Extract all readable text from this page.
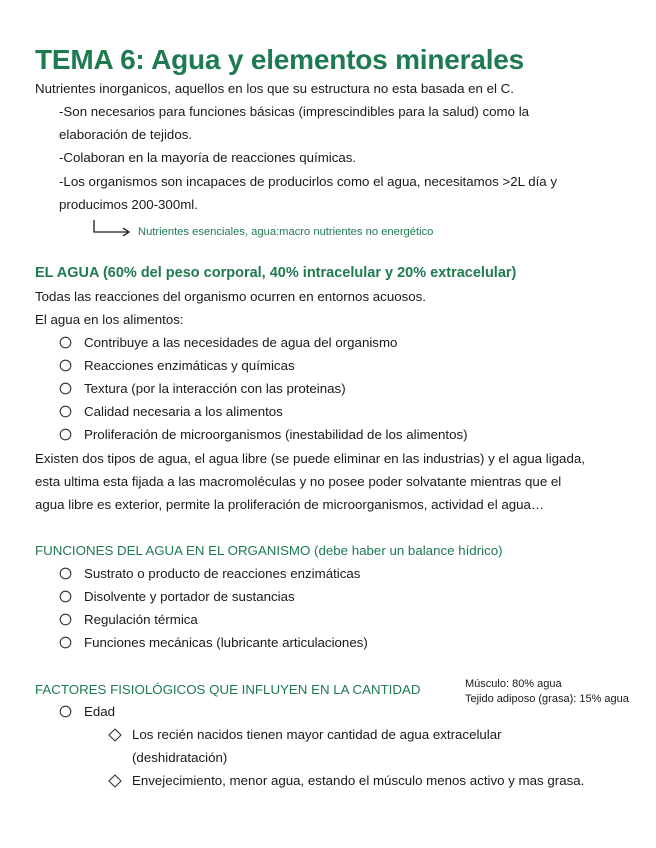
TEMA 6: Agua y elementos minerales
Nutrientes inorganicos, aquellos en los que su estructura no esta basada en el C.
-Son necesarios para funciones básicas (imprescindibles para la salud) como la
elaboración de tejidos.
-Colaboran en la mayoría de reacciones químicas.
-Los organismos son incapaces de producirlos como el agua, necesitamos >2L día y
producimos 200-300ml.
Nutrientes esenciales, agua:macro nutrientes no energético
EL AGUA (60% del peso corporal, 40% intracelular y 20% extracelular)
Todas las reacciones del organismo ocurren en entornos acuosos.
El agua en los alimentos:
Contribuye a las necesidades de agua del organismo
Reacciones enzimáticas y químicas
Textura (por la interacción con las proteinas)
Calidad necesaria a los alimentos
Proliferación de microorganismos (inestabilidad de los alimentos)
Existen dos tipos de agua, el agua libre (se puede eliminar en las industrias) y el agua ligada,
esta ultima esta fijada a las macromoléculas y no posee poder solvatante mientras que el
agua libre es exterior, permite la proliferación de microorganismos, actividad el agua…
FUNCIONES DEL AGUA EN EL ORGANISMO (debe haber un balance hídrico)
Sustrato o producto de reacciones enzimáticas
Disolvente y portador de sustancias
Regulación térmica
Funciones mecánicas (lubricante articulaciones)
FACTORES FISIOLÓGICOS QUE INFLUYEN EN LA CANTIDAD	Músculo: 80% agua
Tejido adiposo (grasa): 15% agua
Edad
Los recién nacidos tienen mayor cantidad de agua extracelular
(deshidratación)
Envejecimiento, menor agua, estando el músculo menos activo y mas grasa.
